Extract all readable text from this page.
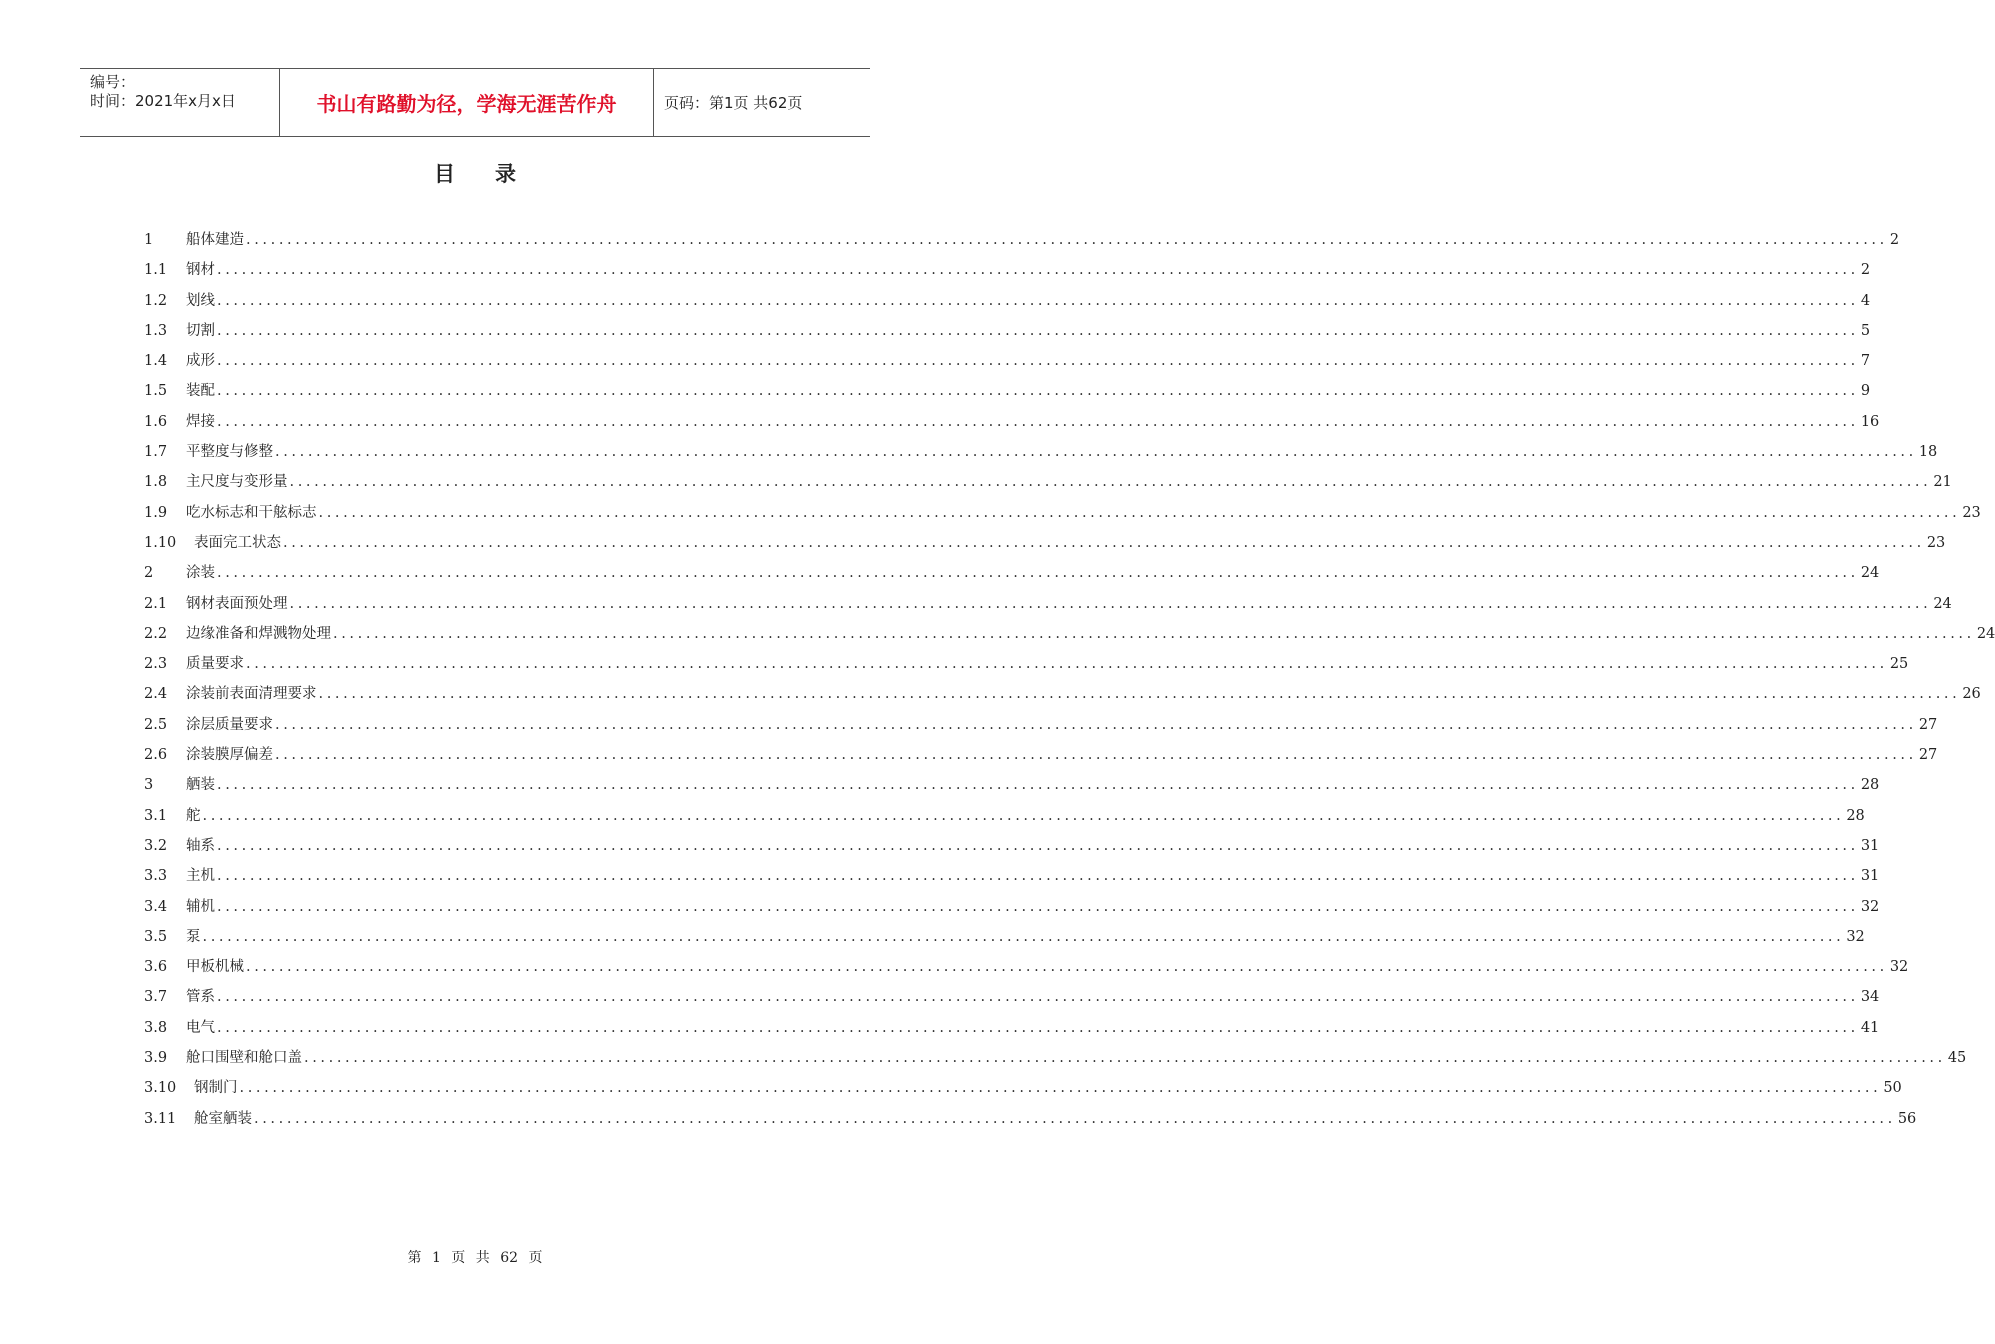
编号：
时间：2021年x月x日	书山有路勤为径，学海无涯苦作舟	页码：第1页 共62页
目录
1	船体建造 ........................................................................................................................................................................................................ 2
1.1	钢材 ........................................................................................................................................................................................................ 2
1.2	划线 ........................................................................................................................................................................................................ 4
1.3	切割 ........................................................................................................................................................................................................ 5
1.4	成形 ........................................................................................................................................................................................................ 7
1.5	装配 ........................................................................................................................................................................................................ 9
1.6	焊接 ........................................................................................................................................................................................................ 16
1.7	平整度与修整 ........................................................................................................................................................................................................ 18
1.8	主尺度与变形量 ........................................................................................................................................................................................................ 21
1.9	吃水标志和干舷标志 ........................................................................................................................................................................................................ 23
1.10	表面完工状态 ........................................................................................................................................................................................................ 23
2	涂装 ........................................................................................................................................................................................................ 24
2.1	钢材表面预处理 ........................................................................................................................................................................................................ 24
2.2	边缘准备和焊溅物处理 ........................................................................................................................................................................................................ 24
2.3	质量要求 ........................................................................................................................................................................................................ 25
2.4	涂装前表面清理要求 ........................................................................................................................................................................................................ 26
2.5	涂层质量要求 ........................................................................................................................................................................................................ 27
2.6	涂装膜厚偏差 ........................................................................................................................................................................................................ 27
3	舾装 ........................................................................................................................................................................................................ 28
3.1	舵 ........................................................................................................................................................................................................ 28
3.2	轴系 ........................................................................................................................................................................................................ 31
3.3	主机 ........................................................................................................................................................................................................ 31
3.4	辅机 ........................................................................................................................................................................................................ 32
3.5	泵 ........................................................................................................................................................................................................ 32
3.6	甲板机械 ........................................................................................................................................................................................................ 32
3.7	管系 ........................................................................................................................................................................................................ 34
3.8	电气 ........................................................................................................................................................................................................ 41
3.9	舱口围壁和舱口盖 ........................................................................................................................................................................................................ 45
3.10	钢制门 ........................................................................................................................................................................................................ 50
3.11	舱室舾装 ........................................................................................................................................................................................................ 56
第 1 页 共 62 页
